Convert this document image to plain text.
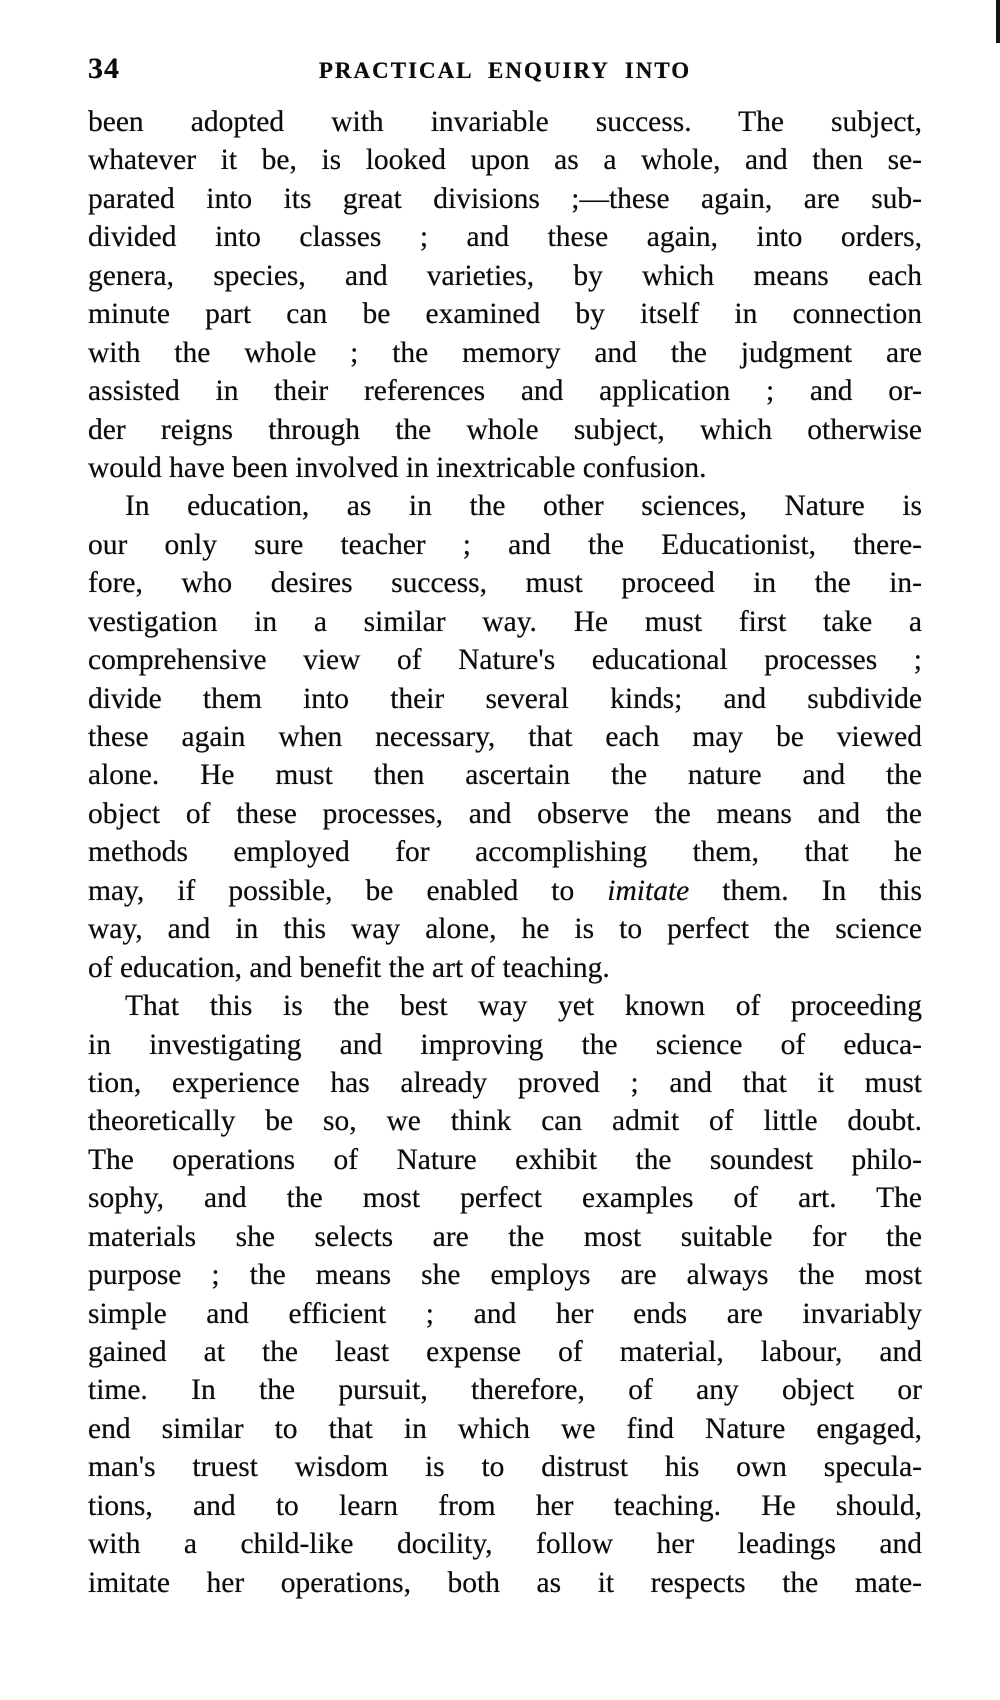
34	PRACTICAL ENQUIRY INTO
been adopted with invariable success. The subject,
whatever it be, is looked upon as a whole, and then se-
parated into its great divisions ;—these again, are sub-
divided into classes ; and these again, into orders,
genera, species, and varieties, by which means each
minute part can be examined by itself in connection
with the whole ; the memory and the judgment are
assisted in their references and application ; and or-
der reigns through the whole subject, which otherwise
would have been involved in inextricable confusion.
In education, as in the other sciences, Nature is
our only sure teacher ; and the Educationist, there-
fore, who desires success, must proceed in the in-
vestigation in a similar way. He must first take a
comprehensive view of Nature's educational processes ;
divide them into their several kinds; and subdivide
these again when necessary, that each may be viewed
alone. He must then ascertain the nature and the
object of these processes, and observe the means and the
methods employed for accomplishing them, that he
may, if possible, be enabled to imitate them. In this
way, and in this way alone, he is to perfect the science
of education, and benefit the art of teaching.
That this is the best way yet known of proceeding
in investigating and improving the science of educa-
tion, experience has already proved ; and that it must
theoretically be so, we think can admit of little doubt.
The operations of Nature exhibit the soundest philo-
sophy, and the most perfect examples of art. The
materials she selects are the most suitable for the
purpose ; the means she employs are always the most
simple and efficient ; and her ends are invariably
gained at the least expense of material, labour, and
time. In the pursuit, therefore, of any object or
end similar to that in which we find Nature engaged,
man's truest wisdom is to distrust his own specula-
tions, and to learn from her teaching. He should,
with a child-like docility, follow her leadings and
imitate her operations, both as it respects the mate-
